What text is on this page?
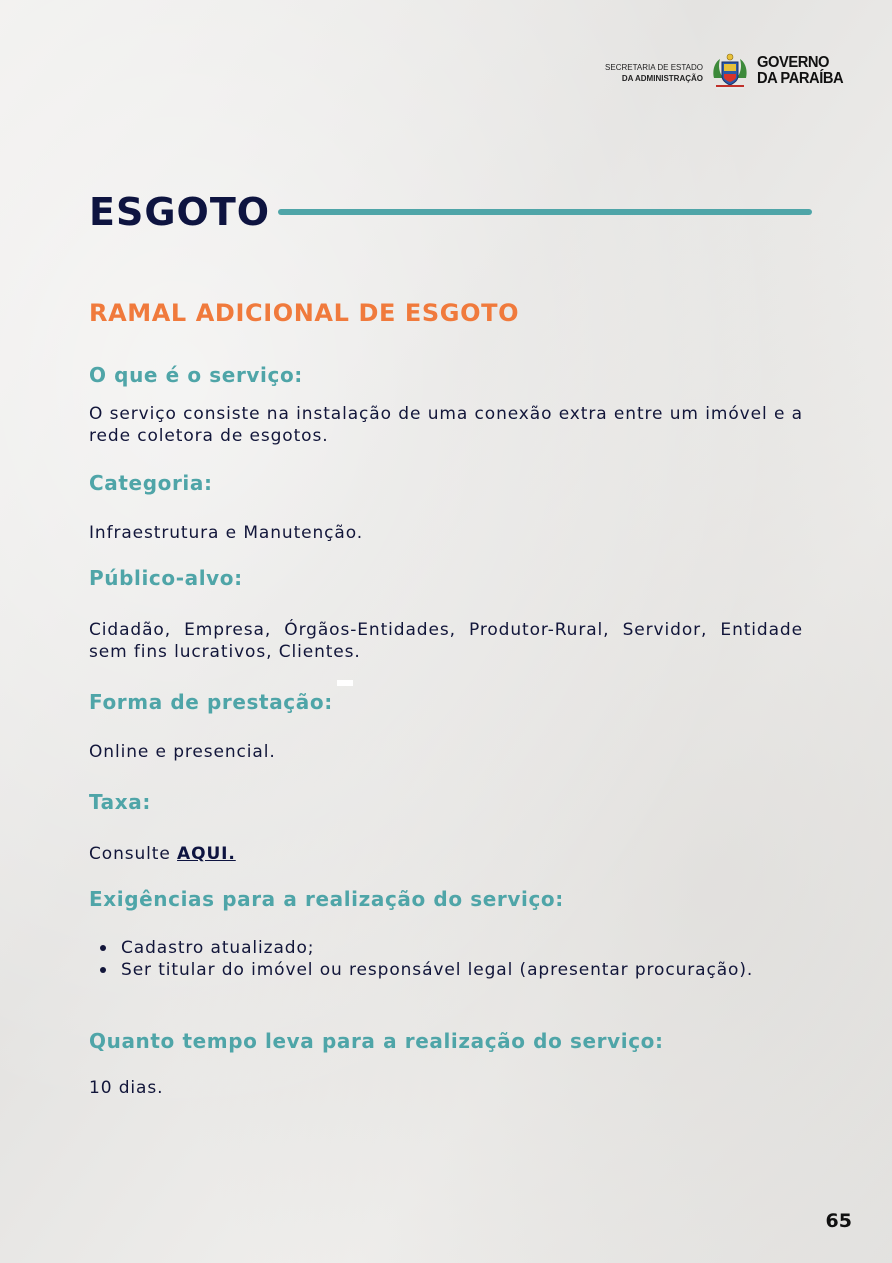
SECRETARIA DE ESTADO
DA ADMINISTRAÇÃO
GOVERNO
DA PARAÍBA
ESGOTO
RAMAL ADICIONAL DE ESGOTO
O que é o serviço:

O serviço consiste na instalação de uma conexão extra entre um imóvel e a rede coletora de esgotos.

Categoria:

Infraestrutura e Manutenção.

Público-alvo:

Cidadão, Empresa, Órgãos-Entidades, Produtor-Rural, Servidor, Entidade sem fins lucrativos, Clientes.

Forma de prestação:

Online e presencial.

Taxa:

Consulte AQUI.

Exigências para a realização do serviço:
Cadastro atualizado;
Ser titular do imóvel ou responsável legal (apresentar procuração).
Quanto tempo leva para a realização do serviço:

10 dias.

65
